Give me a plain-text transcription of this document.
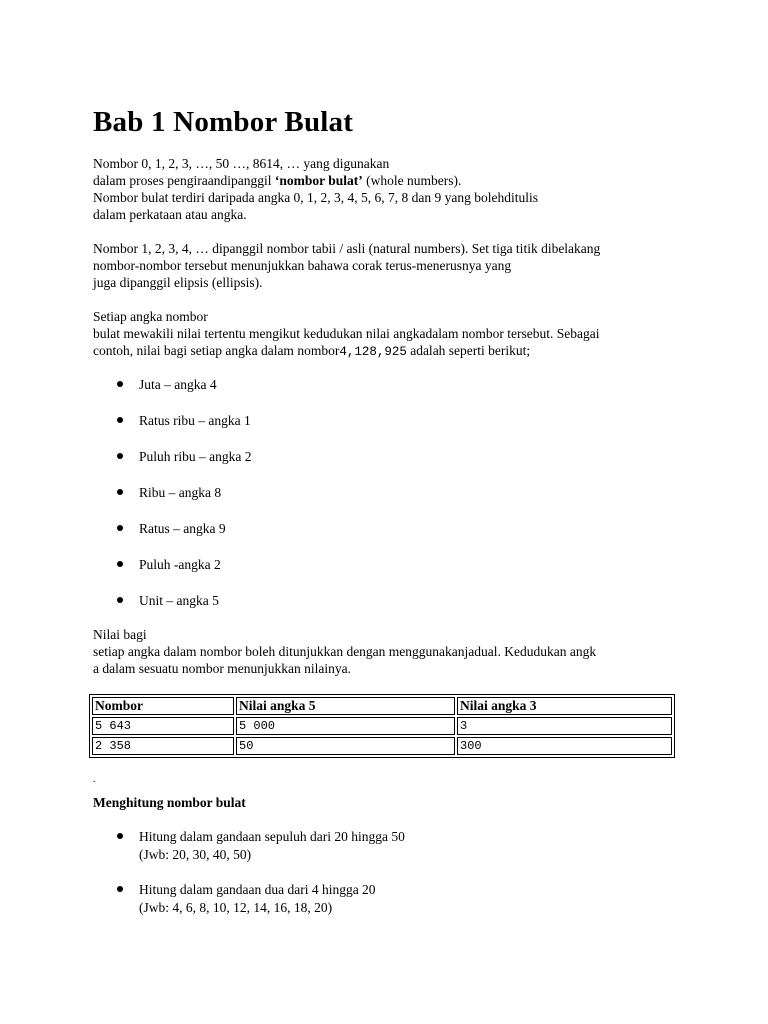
Bab 1 Nombor Bulat
Nombor 0, 1, 2, 3, …, 50 …, 8614, … yang digunakan
dalam proses pengiraandipanggil ‘nombor bulat’ (whole numbers).
Nombor bulat terdiri daripada angka 0, 1, 2, 3, 4, 5, 6, 7, 8 dan 9 yang bolehditulis
dalam perkataan atau angka.
Nombor 1, 2, 3, 4, … dipanggil nombor tabii / asli (natural numbers). Set tiga titik dibelakang
nombor-nombor tersebut menunjukkan bahawa corak terus-menerusnya yang
juga dipanggil elipsis (ellipsis).
Setiap angka nombor
bulat mewakili nilai tertentu mengikut kedudukan nilai angkadalam nombor tersebut. Sebagai
contoh, nilai bagi setiap angka dalam nombor4,128,925 adalah seperti berikut;
Juta – angka 4
Ratus ribu – angka 1
Puluh ribu – angka 2
Ribu – angka 8
Ratus – angka 9
Puluh -angka 2
Unit – angka 5
Nilai bagi
setiap angka dalam nombor boleh ditunjukkan dengan menggunakanjadual. Kedudukan angk
a dalam sesuatu nombor menunjukkan nilainya.
Nombor	Nilai angka 5	Nilai angka 3
5 643	5 000	3
2 358	50	300
.
Menghitung nombor bulat
Hitung dalam gandaan sepuluh dari 20 hingga 50
(Jwb: 20, 30, 40, 50)
Hitung dalam gandaan dua dari 4 hingga 20
(Jwb: 4, 6, 8, 10, 12, 14, 16, 18, 20)
